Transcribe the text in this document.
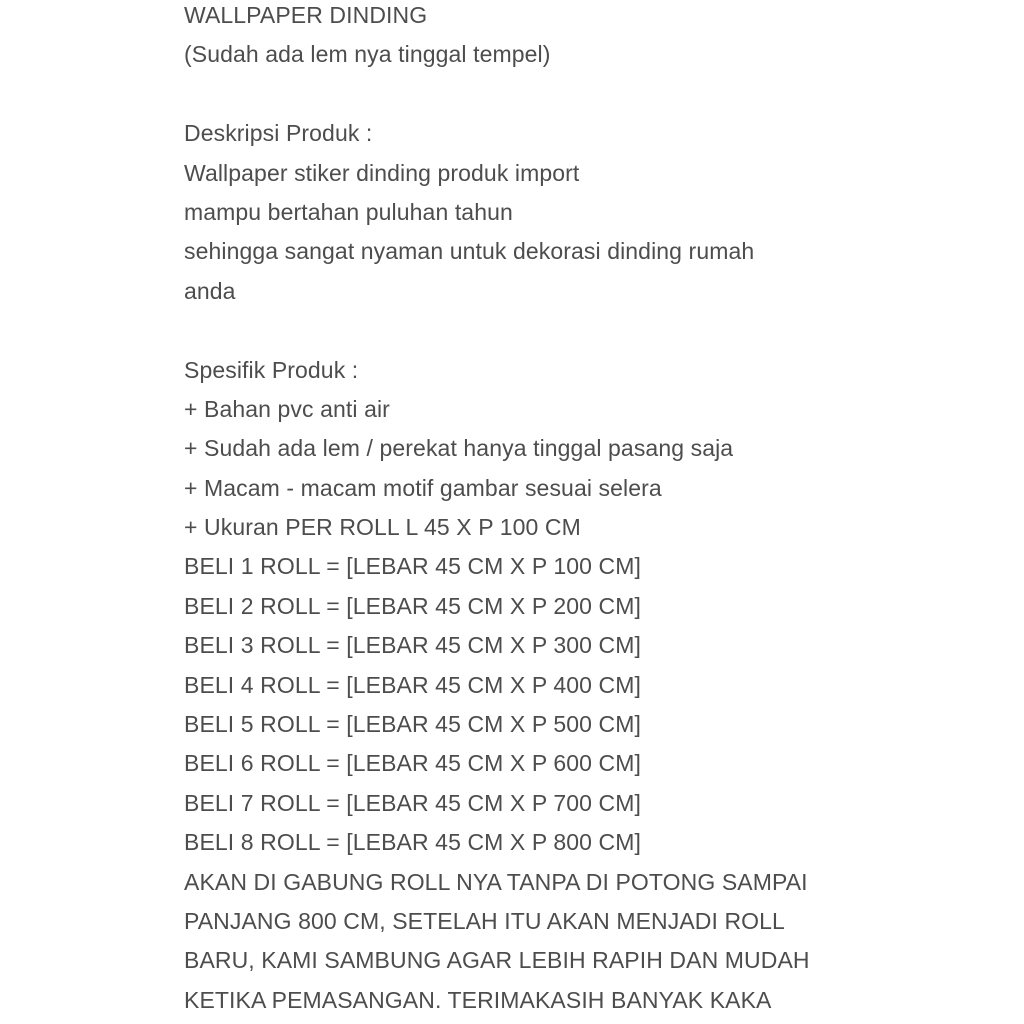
WALLPAPER DINDING
(Sudah ada lem nya tinggal tempel)
Deskripsi Produk :
Wallpaper stiker dinding produk import
mampu bertahan puluhan tahun
sehingga sangat nyaman untuk dekorasi dinding rumah
anda
Spesifik Produk :
+ Bahan pvc anti air
+ Sudah ada lem / perekat hanya tinggal pasang saja
+ Macam - macam motif gambar sesuai selera
+ Ukuran PER ROLL L 45 X P 100 CM
BELI 1 ROLL = [LEBAR 45 CM X P 100 CM]
BELI 2 ROLL = [LEBAR 45 CM X P 200 CM]
BELI 3 ROLL = [LEBAR 45 CM X P 300 CM]
BELI 4 ROLL = [LEBAR 45 CM X P 400 CM]
BELI 5 ROLL = [LEBAR 45 CM X P 500 CM]
BELI 6 ROLL = [LEBAR 45 CM X P 600 CM]
BELI 7 ROLL = [LEBAR 45 CM X P 700 CM]
BELI 8 ROLL = [LEBAR 45 CM X P 800 CM]
AKAN DI GABUNG ROLL NYA TANPA DI POTONG SAMPAI
PANJANG 800 CM, SETELAH ITU AKAN MENJADI ROLL
BARU, KAMI SAMBUNG AGAR LEBIH RAPIH DAN MUDAH
KETIKA PEMASANGAN. TERIMAKASIH BANYAK KAKA
